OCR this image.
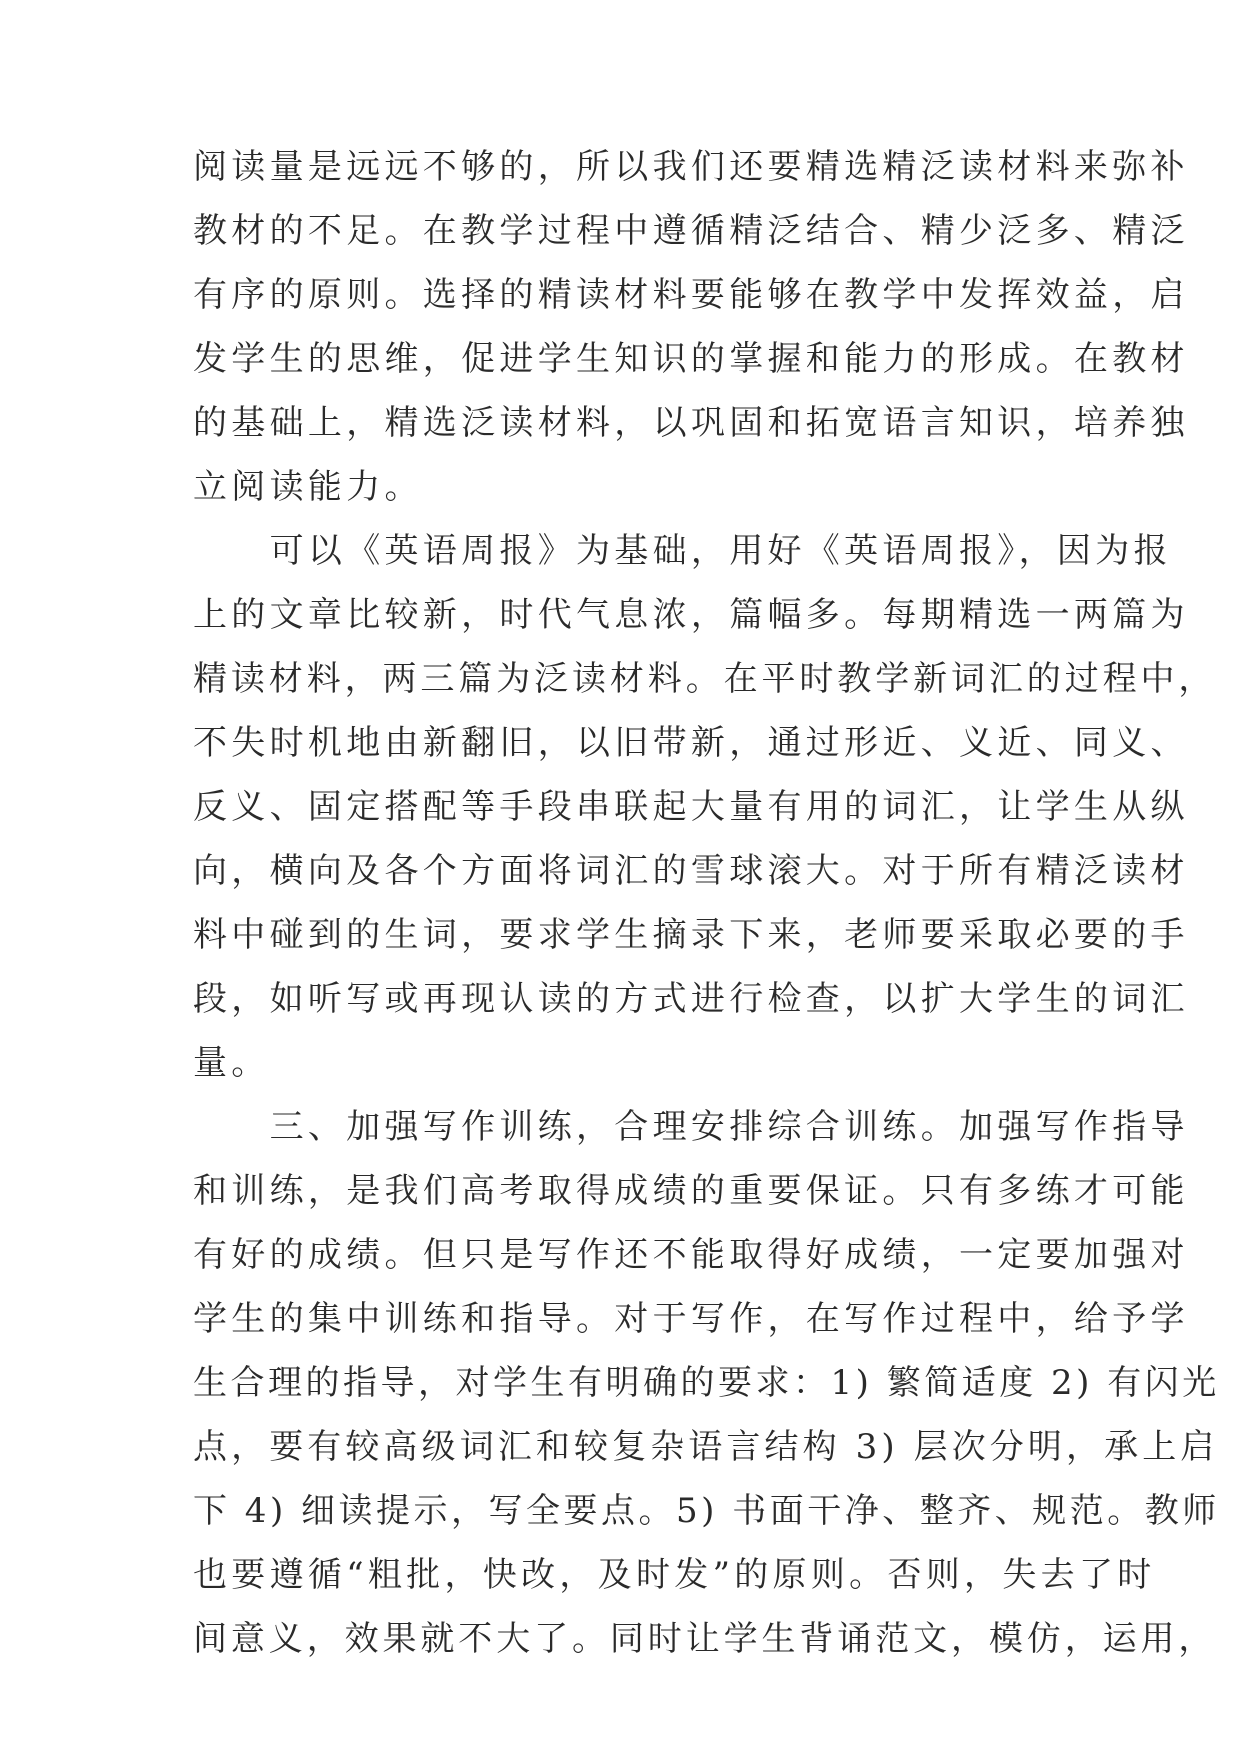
阅读量是远远不够的，所以我们还要精选精泛读材料来弥补
教材的不足。在教学过程中遵循精泛结合、精少泛多、精泛
有序的原则。选择的精读材料要能够在教学中发挥效益，启
发学生的思维，促进学生知识的掌握和能力的形成。在教材
的基础上，精选泛读材料，以巩固和拓宽语言知识，培养独
立阅读能力。
　　可以《英语周报》为基础，用好《英语周报》，因为报
上的文章比较新，时代气息浓，篇幅多。每期精选一两篇为
精读材料，两三篇为泛读材料。在平时教学新词汇的过程中，
不失时机地由新翻旧，以旧带新，通过形近、义近、同义、
反义、固定搭配等手段串联起大量有用的词汇，让学生从纵
向，横向及各个方面将词汇的雪球滚大。对于所有精泛读材
料中碰到的生词，要求学生摘录下来，老师要采取必要的手
段，如听写或再现认读的方式进行检查，以扩大学生的词汇
量。
　　三、加强写作训练，合理安排综合训练。加强写作指导
和训练，是我们高考取得成绩的重要保证。只有多练才可能
有好的成绩。但只是写作还不能取得好成绩，一定要加强对
学生的集中训练和指导。对于写作，在写作过程中，给予学
生合理的指导，对学生有明确的要求：1) 繁简适度 2) 有闪光
点，要有较高级词汇和较复杂语言结构 3) 层次分明，承上启
下 4) 细读提示，写全要点。5) 书面干净、整齐、规范。教师
也要遵循“粗批，快改，及时发”的原则。否则，失去了时
间意义，效果就不大了。同时让学生背诵范文，模仿，运用，
